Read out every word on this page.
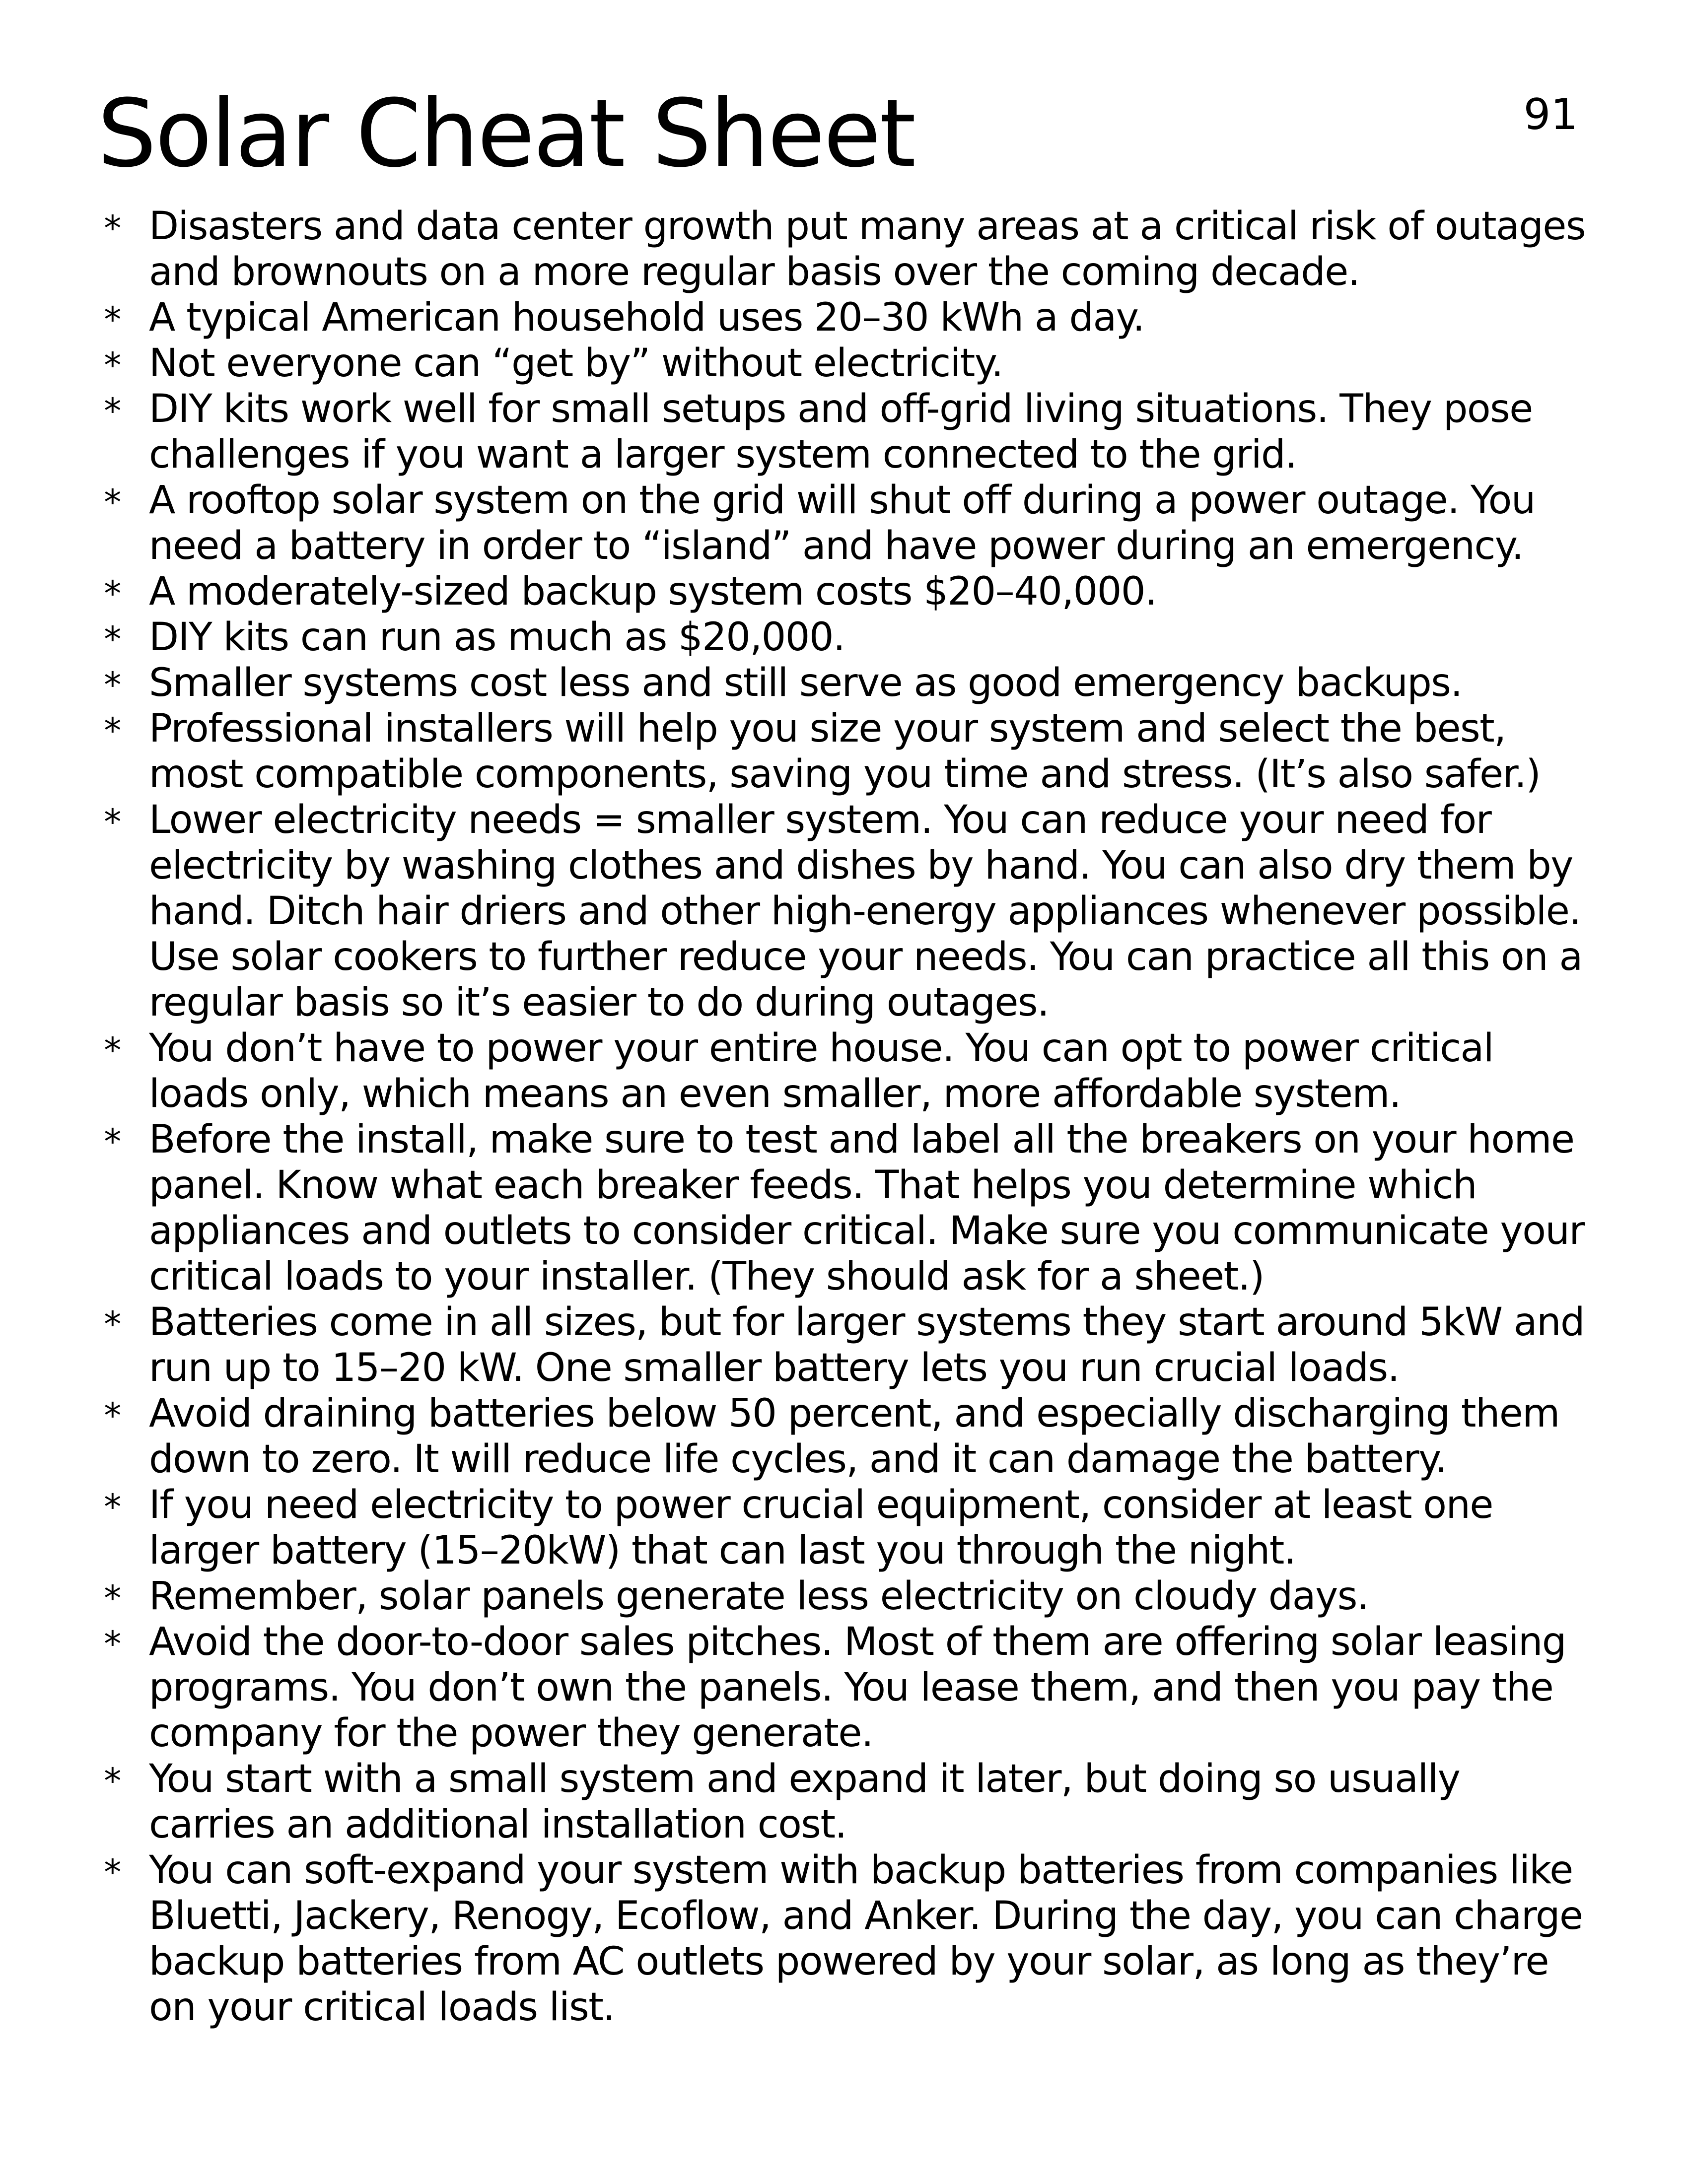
Solar Cheat Sheet	91
* Disasters and data center growth put many areas at a critical risk of outages and brownouts on a more regular basis over the coming decade.
* A typical American household uses 20–30 kWh a day.
* Not everyone can “get by” without electricity.
* DIY kits work well for small setups and off-grid living situations. They pose challenges if you want a larger system connected to the grid.
* A rooftop solar system on the grid will shut off during a power outage. You need a battery in order to “island” and have power during an emergency.
* A moderately-sized backup system costs $20–40,000.
* DIY kits can run as much as $20,000.
* Smaller systems cost less and still serve as good emergency backups.
* Professional installers will help you size your system and select the best, most compatible components, saving you time and stress. (It’s also safer.)
* Lower electricity needs = smaller system. You can reduce your need for electricity by washing clothes and dishes by hand. You can also dry them by hand. Ditch hair driers and other high-energy appliances whenever possible. Use solar cookers to further reduce your needs. You can practice all this on a regular basis so it’s easier to do during outages.
* You don’t have to power your entire house. You can opt to power critical loads only, which means an even smaller, more affordable system.
* Before the install, make sure to test and label all the breakers on your home panel. Know what each breaker feeds. That helps you determine which appliances and outlets to consider critical. Make sure you communicate your critical loads to your installer. (They should ask for a sheet.)
* Batteries come in all sizes, but for larger systems they start around 5kW and run up to 15–20 kW. One smaller battery lets you run crucial loads.
* Avoid draining batteries below 50 percent, and especially discharging them down to zero. It will reduce life cycles, and it can damage the battery.
* If you need electricity to power crucial equipment, consider at least one larger battery (15–20kW) that can last you through the night.
* Remember, solar panels generate less electricity on cloudy days.
* Avoid the door-to-door sales pitches. Most of them are offering solar leasing programs. You don’t own the panels. You lease them, and then you pay the company for the power they generate.
* You start with a small system and expand it later, but doing so usually carries an additional installation cost.
* You can soft-expand your system with backup batteries from companies like Bluetti, Jackery, Renogy, Ecoflow, and Anker. During the day, you can charge backup batteries from AC outlets powered by your solar, as long as they’re on your critical loads list.
